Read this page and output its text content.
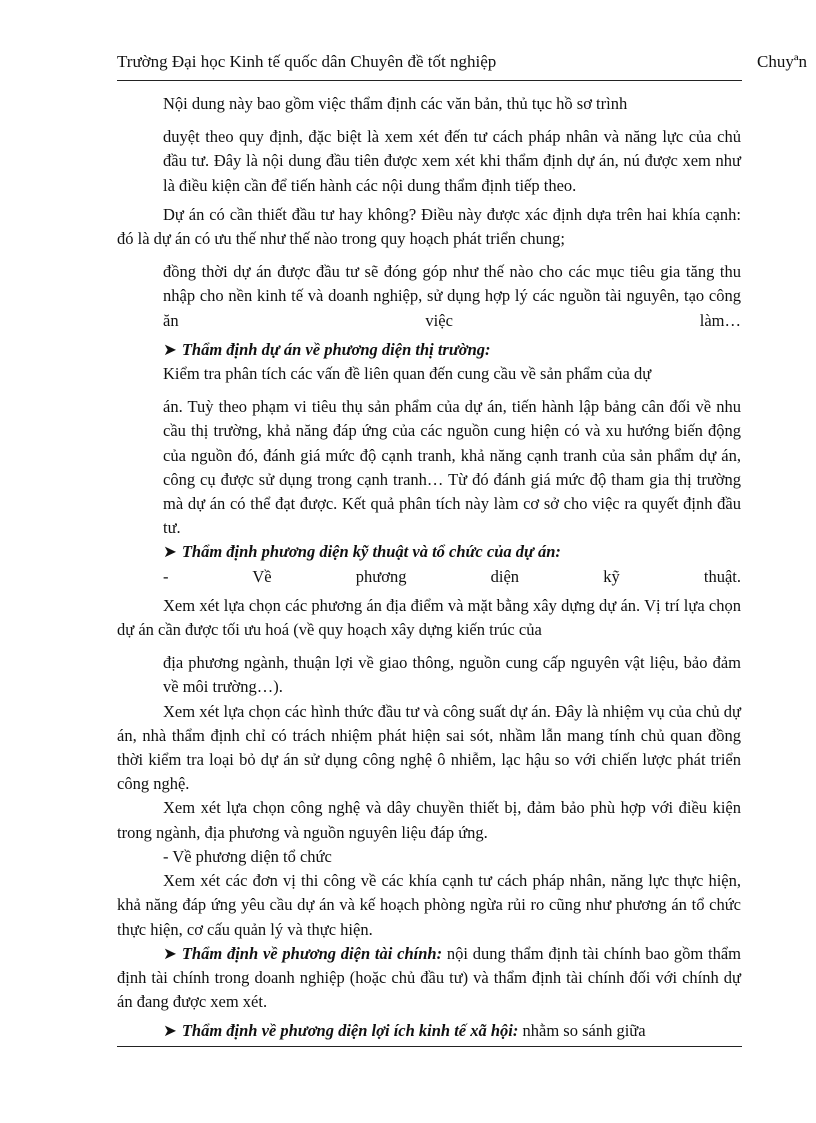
Trường Đại học Kinh tế quốc dân Chuyên đề tốt nghiệp	Chuyªn

Nội dung này bao gồm việc thẩm định các văn bản, thủ tục hồ sơ trình

duyệt theo quy định, đặc biệt là xem xét đến tư cách pháp nhân và năng lực của chủ đầu tư. Đây là nội dung đầu tiên được xem xét khi thẩm định dự án, nú được xem như là điều kiện cần để tiến hành các nội dung thẩm định tiếp theo.

Dự án có cần thiết đầu tư hay không? Điều này được xác định dựa trên hai khía cạnh: đó là dự án có ưu thế như thế nào trong quy hoạch phát triển chung;

đồng thời dự án được đầu tư sẽ đóng góp như thế nào cho các mục tiêu gia tăng thu nhập cho nền kinh tế và doanh nghiệp, sử dụng hợp lý các nguồn tài nguyên, tạo công ăn việc làm…

➤ Thẩm định dự án về phương diện thị trường:

Kiểm tra phân tích các vấn đề liên quan đến cung cầu về sản phẩm của dự

án. Tuỳ theo phạm vi tiêu thụ sản phẩm của dự án, tiến hành lập bảng cân đối về nhu cầu thị trường, khả năng đáp ứng của các nguồn cung hiện có và xu hướng biến động của nguồn đó, đánh giá mức độ cạnh tranh, khả năng cạnh tranh của sản phẩm dự án, công cụ được sử dụng trong cạnh tranh… Từ đó đánh giá mức độ tham gia thị trường mà dự án có thể đạt được. Kết quả phân tích này làm cơ sở cho việc ra quyết định đầu tư.

➤ Thẩm định phương diện kỹ thuật và tổ chức của dự án:

- Về phương diện kỹ thuật.

Xem xét lựa chọn các phương án địa điểm và mặt bằng xây dựng dự án. Vị trí lựa chọn dự án cần được tối ưu hoá (về quy hoạch xây dựng kiến trúc của

địa phương ngành, thuận lợi về giao thông, nguồn cung cấp nguyên vật liệu, bảo đảm về môi trường…).

Xem xét lựa chọn các hình thức đầu tư và công suất dự án. Đây là nhiệm vụ của chủ dự án, nhà thẩm định chỉ có trách nhiệm phát hiện sai sót, nhầm lẫn mang tính chủ quan đồng thời kiểm tra loại bỏ dự án sử dụng công nghệ ô nhiễm, lạc hậu so với chiến lược phát triển công nghệ.

Xem xét lựa chọn công nghệ và dây chuyền thiết bị, đảm bảo phù hợp với điều kiện trong ngành, địa phương và nguồn nguyên liệu đáp ứng.

- Về phương diện tổ chức

Xem xét các đơn vị thi công về các khía cạnh tư cách pháp nhân, năng lực thực hiện, khả năng đáp ứng yêu cầu dự án và kế hoạch phòng ngừa rủi ro cũng như phương án tổ chức thực hiện, cơ cấu quản lý và thực hiện.

➤ Thẩm định về phương diện tài chính: nội dung thẩm định tài chính bao gồm thẩm định tài chính trong doanh nghiệp (hoặc chủ đầu tư) và thẩm định tài chính đối với chính dự án đang được xem xét.

➤ Thẩm định về phương diện lợi ích kinh tế xã hội: nhằm so sánh giữa
